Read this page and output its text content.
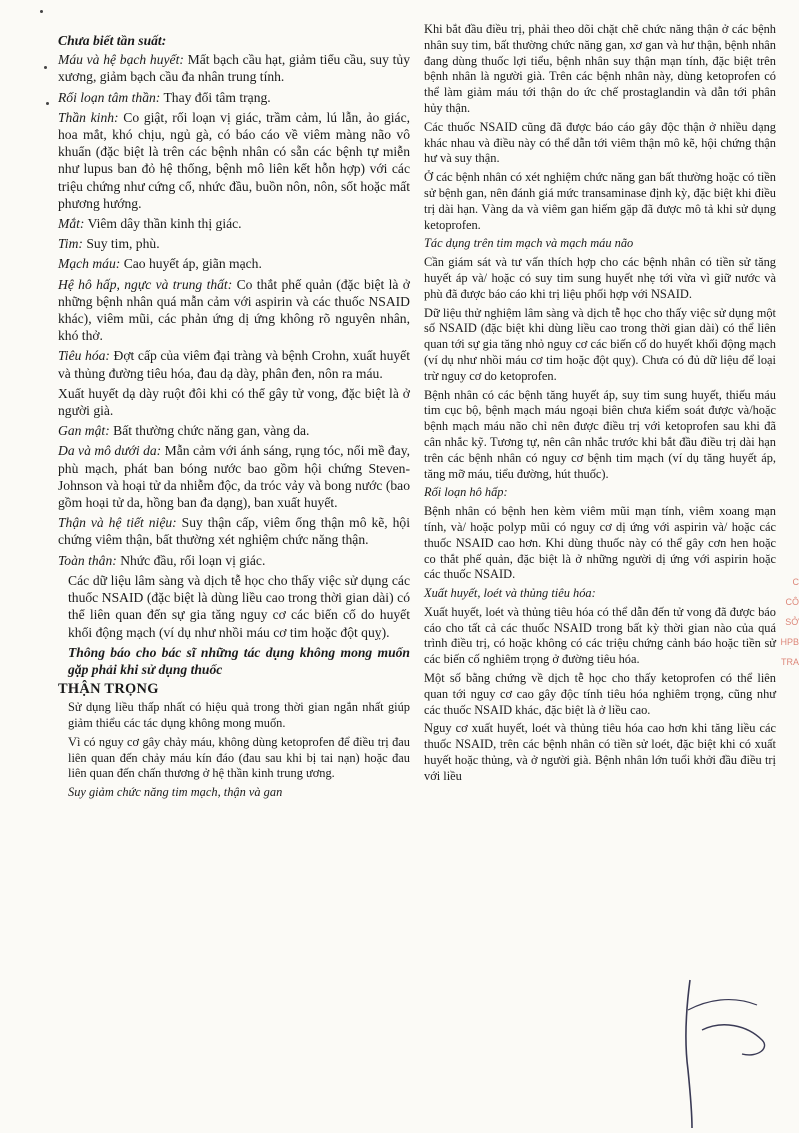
Chưa biết tần suất:

Máu và hệ bạch huyết: Mất bạch cầu hạt, giảm tiểu cầu, suy tủy xương, giảm bạch cầu đa nhân trung tính.

Rối loạn tâm thần: Thay đổi tâm trạng.

Thần kinh: Co giật, rối loạn vị giác, trầm cảm, lú lẫn, ảo giác, hoa mắt, khó chịu, ngủ gà, có báo cáo về viêm màng não vô khuẩn (đặc biệt là trên các bệnh nhân có sẵn các bệnh tự miễn như lupus ban đỏ hệ thống, bệnh mô liên kết hỗn hợp) với các triệu chứng như cứng cổ, nhức đầu, buồn nôn, nôn, sốt hoặc mất phương hướng.

Mắt: Viêm dây thần kinh thị giác.

Tim: Suy tim, phù.

Mạch máu: Cao huyết áp, giãn mạch.

Hệ hô hấp, ngực và trung thất: Co thắt phế quản (đặc biệt là ở những bệnh nhân quá mẫn cảm với aspirin và các thuốc NSAID khác), viêm mũi, các phản ứng dị ứng không rõ nguyên nhân, khó thở.

Tiêu hóa: Đợt cấp của viêm đại tràng và bệnh Crohn, xuất huyết và thủng đường tiêu hóa, đau dạ dày, phân đen, nôn ra máu.

Xuất huyết dạ dày ruột đôi khi có thể gây tử vong, đặc biệt là ở người già.

Gan mật: Bất thường chức năng gan, vàng da.

Da và mô dưới da: Mẫn cảm với ánh sáng, rụng tóc, nổi mề đay, phù mạch, phát ban bóng nước bao gồm hội chứng Steven-Johnson và hoại tử da nhiễm độc, da tróc vảy và bong nước (bao gồm hoại tử da, hồng ban đa dạng), ban xuất huyết.

Thận và hệ tiết niệu: Suy thận cấp, viêm ống thận mô kẽ, hội chứng viêm thận, bất thường xét nghiệm chức năng thận.

Toàn thân: Nhức đầu, rối loạn vị giác.

Các dữ liệu lâm sàng và dịch tễ học cho thấy việc sử dụng các thuốc NSAID (đặc biệt là dùng liều cao trong thời gian dài) có thể liên quan đến sự gia tăng nguy cơ các biến cố do huyết khối động mạch (ví dụ như nhồi máu cơ tim hoặc đột quỵ).

Thông báo cho bác sĩ những tác dụng không mong muốn gặp phải khi sử dụng thuốc

THẬN TRỌNG

Sử dụng liều thấp nhất có hiệu quả trong thời gian ngắn nhất giúp giảm thiểu các tác dụng không mong muốn.

Vì có nguy cơ gây chảy máu, không dùng ketoprofen để điều trị đau liên quan đến chảy máu kín đáo (đau sau khi bị tai nạn) hoặc đau liên quan đến chấn thương ở hệ thần kinh trung ương.

Suy giảm chức năng tim mạch, thận và gan

Khi bắt đầu điều trị, phải theo dõi chặt chẽ chức năng thận ở các bệnh nhân suy tim, bất thường chức năng gan, xơ gan và hư thận, bệnh nhân đang dùng thuốc lợi tiểu, bệnh nhân suy thận mạn tính, đặc biệt trên bệnh nhân là người già. Trên các bệnh nhân này, dùng ketoprofen có thể làm giảm máu tới thận do ức chế prostaglandin và dẫn tới phân hủy thận.

Các thuốc NSAID cũng đã được báo cáo gây độc thận ở nhiều dạng khác nhau và điều này có thể dẫn tới viêm thận mô kẽ, hội chứng thận hư và suy thận.

Ở các bệnh nhân có xét nghiệm chức năng gan bất thường hoặc có tiền sử bệnh gan, nên đánh giá mức transaminase định kỳ, đặc biệt khi điều trị dài hạn. Vàng da và viêm gan hiếm gặp đã được mô tả khi sử dụng ketoprofen.

Tác dụng trên tim mạch và mạch máu não

Cần giám sát và tư vấn thích hợp cho các bệnh nhân có tiền sử tăng huyết áp và/ hoặc có suy tim sung huyết nhẹ tới vừa vì giữ nước và phù đã được báo cáo khi trị liệu phối hợp với NSAID.

Dữ liệu thử nghiệm lâm sàng và dịch tễ học cho thấy việc sử dụng một số NSAID (đặc biệt khi dùng liều cao trong thời gian dài) có thể liên quan tới sự gia tăng nhỏ nguy cơ các biến cố do huyết khối động mạch (ví dụ như nhồi máu cơ tim hoặc đột quỵ). Chưa có đủ dữ liệu để loại trừ nguy cơ do ketoprofen.

Bệnh nhân có các bệnh tăng huyết áp, suy tim sung huyết, thiếu máu tim cục bộ, bệnh mạch máu ngoại biên chưa kiểm soát được và/hoặc bệnh mạch máu não chỉ nên được điều trị với ketoprofen sau khi đã cân nhắc kỹ. Tương tự, nên cân nhắc trước khi bắt đầu điều trị dài hạn trên các bệnh nhân có nguy cơ bệnh tim mạch (ví dụ tăng huyết áp, tăng mỡ máu, tiểu đường, hút thuốc).

Rối loạn hô hấp:

Bệnh nhân có bệnh hen kèm viêm mũi mạn tính, viêm xoang mạn tính, và/ hoặc polyp mũi có nguy cơ dị ứng với aspirin và/ hoặc các thuốc NSAID cao hơn. Khi dùng thuốc này có thể gây cơn hen hoặc co thắt phế quản, đặc biệt là ở những người dị ứng với aspirin hoặc các thuốc NSAID.

Xuất huyết, loét và thủng tiêu hóa:

Xuất huyết, loét và thủng tiêu hóa có thể dẫn đến tử vong đã được báo cáo cho tất cả các thuốc NSAID trong bất kỳ thời gian nào của quá trình điều trị, có hoặc không có các triệu chứng cảnh báo hoặc tiền sử các biến cố nghiêm trọng ở đường tiêu hóa.

Một số bằng chứng về dịch tễ học cho thấy ketoprofen có thể liên quan tới nguy cơ cao gây độc tính tiêu hóa nghiêm trọng, cũng như các thuốc NSAID khác, đặc biệt là ở liều cao.

Nguy cơ xuất huyết, loét và thủng tiêu hóa cao hơn khi tăng liều các thuốc NSAID, trên các bệnh nhân có tiền sử loét, đặc biệt khi có xuất huyết hoặc thủng, và ở người già. Bệnh nhân lớn tuổi khởi đầu điều trị với liều

C
CÔ
SỞ
HPB
TRA
